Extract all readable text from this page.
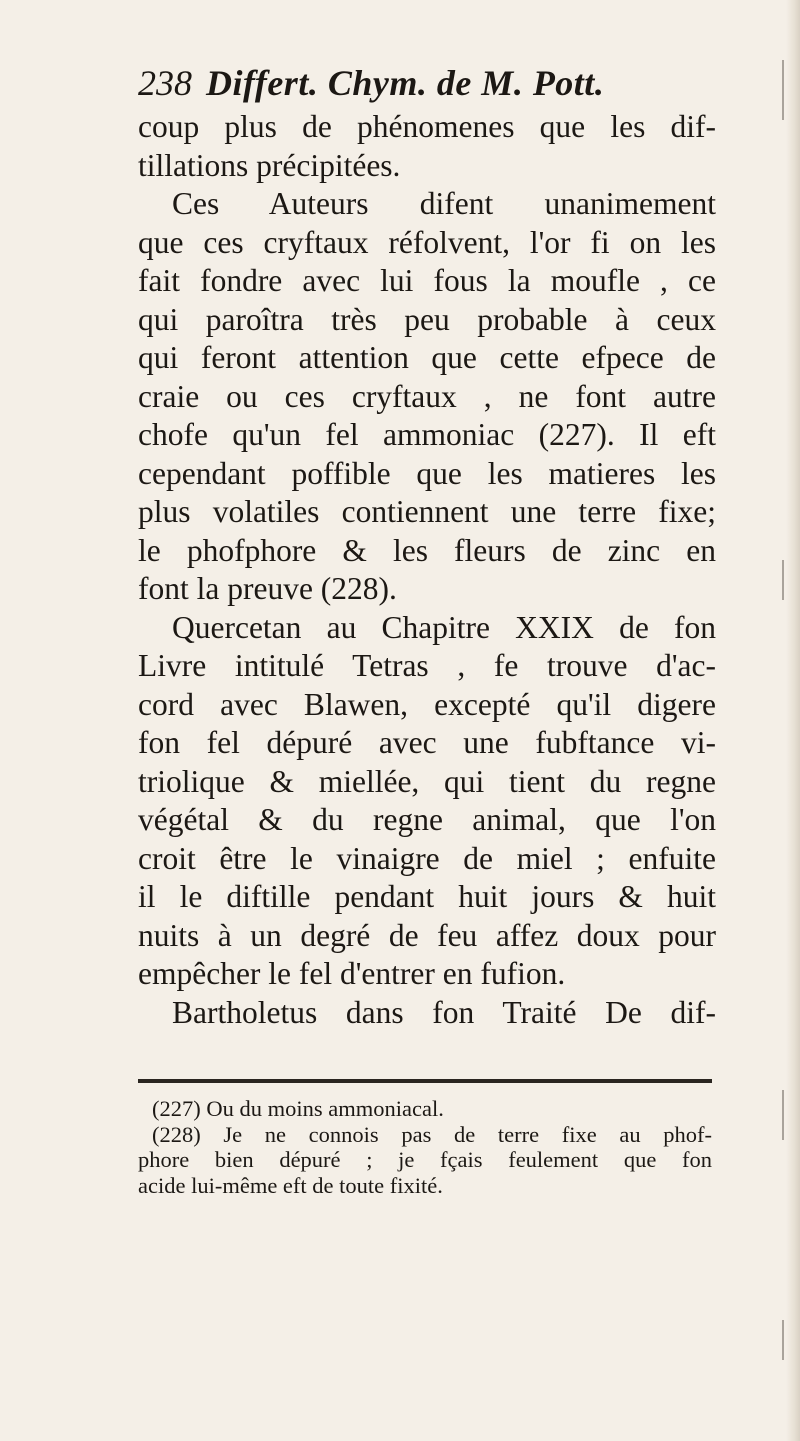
238 Differt. Chym. de M. Pott.
coup plus de phénomenes que les dif-
tillations précipitées.
Ces Auteurs difent unanimement
que ces cryftaux réfolvent, l'or fi on les
fait fondre avec lui fous la moufle , ce
qui paroîtra très peu probable à ceux
qui feront attention que cette efpece de
craie ou ces cryftaux , ne font autre
chofe qu'un fel ammoniac (227). Il eft
cependant poffible que les matieres les
plus volatiles contiennent une terre fixe;
le phofphore & les fleurs de zinc en
font la preuve (228).
Quercetan au Chapitre XXIX de fon
Livre intitulé Tetras , fe trouve d'ac-
cord avec Blawen, excepté qu'il digere
fon fel dépuré avec une fubftance vi-
triolique & miellée, qui tient du regne
végétal & du regne animal, que l'on
croit être le vinaigre de miel ; enfuite
il le diftille pendant huit jours & huit
nuits à un degré de feu affez doux pour
empêcher le fel d'entrer en fufion.
Bartholetus dans fon Traité De dif-
(227) Ou du moins ammoniacal.
(228) Je ne connois pas de terre fixe au phof-
phore bien dépuré ; je fçais feulement que fon
acide lui-même eft de toute fixité.
